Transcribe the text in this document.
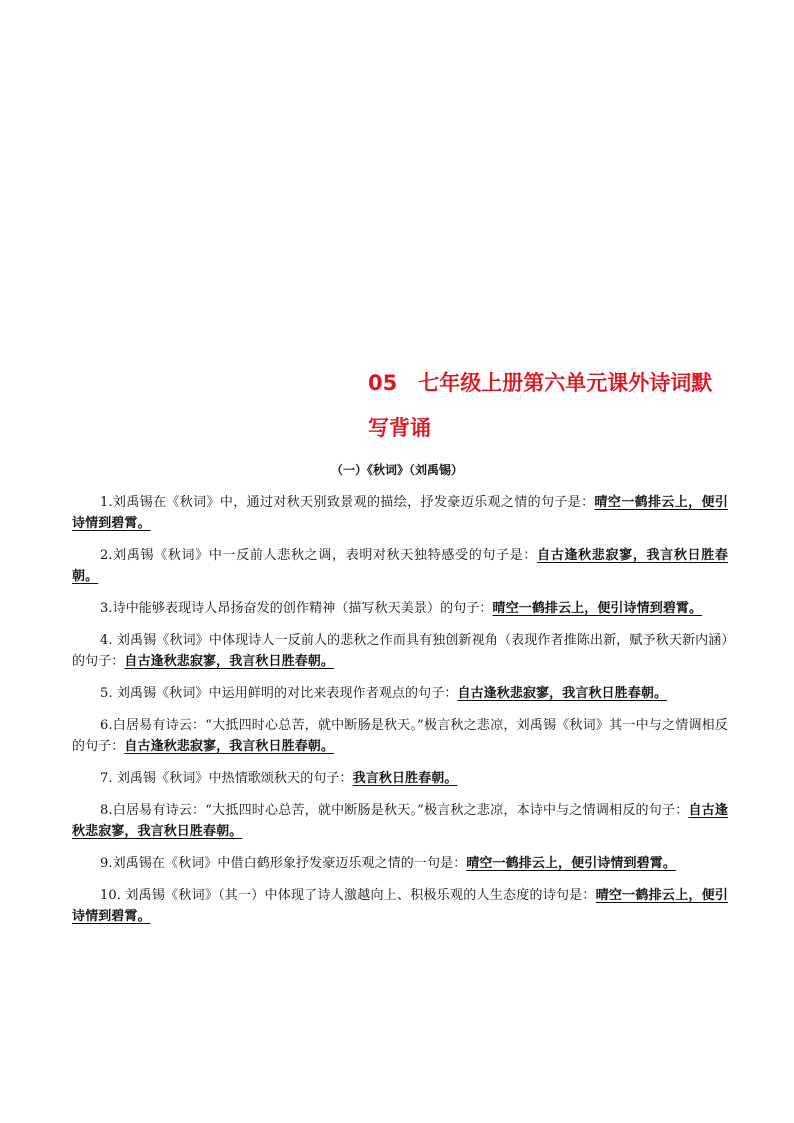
05　七年级上册第六单元课外诗词默
写背诵
（一）《秋词》（刘禹锡）

1.刘禹锡在《秋词》中，通过对秋天别致景观的描绘，抒发豪迈乐观之情的句子是：晴空一鹤排云上，便引诗情到碧霄。

2.刘禹锡《秋词》中一反前人悲秋之调，表明对秋天独特感受的句子是：自古逢秋悲寂寥，我言秋日胜春朝。

3.诗中能够表现诗人昂扬奋发的创作精神（描写秋天美景）的句子：晴空一鹤排云上，便引诗情到碧霄。

4. 刘禹锡《秋词》中体现诗人一反前人的悲秋之作而具有独创新视角（表现作者推陈出新，赋予秋天新内涵）的句子：自古逢秋悲寂寥，我言秋日胜春朝。

5. 刘禹锡《秋词》中运用鲜明的对比来表现作者观点的句子：自古逢秋悲寂寥，我言秋日胜春朝。

6.白居易有诗云：“大抵四时心总苦，就中断肠是秋天。”极言秋之悲凉，刘禹锡《秋词》其一中与之情调相反的句子：自古逢秋悲寂寥，我言秋日胜春朝。

7. 刘禹锡《秋词》中热情歌颂秋天的句子：我言秋日胜春朝。

8.白居易有诗云：“大抵四时心总苦，就中断肠是秋天。”极言秋之悲凉，本诗中与之情调相反的句子：自古逢秋悲寂寥，我言秋日胜春朝。

9.刘禹锡在《秋词》中借白鹤形象抒发豪迈乐观之情的一句是：晴空一鹤排云上，便引诗情到碧霄。

10. 刘禹锡《秋词》（其一）中体现了诗人激越向上、积极乐观的人生态度的诗句是：晴空一鹤排云上，便引诗情到碧霄。
